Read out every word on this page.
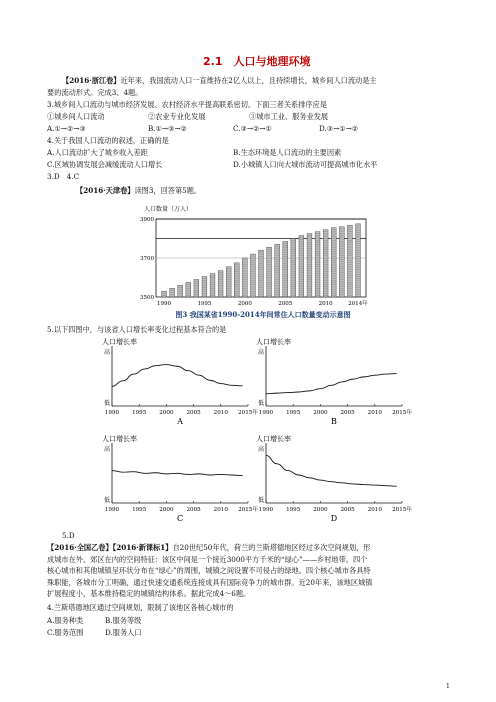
2.1　人口与地理环境
【2016·浙江卷】近年来，我国流动人口一直维持在2亿人以上，且持续增长，城乡间人口流动是主
要的流动形式。完成3、4题。
3.城乡间人口流动与城市经济发展、农村经济水平提高联系密切。下面三者关系排序应是
①城乡间人口流动	②农业专业化发展	③城市工业、服务业发展
A.①→②→③	B.①→③→②	C.③→②→①	D.③→①→②
4.关于我国人口流动的叙述，正确的是
A.人口流动扩大了城乡收入差距	B.生态环境是人口流动的主要因素
C.区域协调发展会减缓流动人口增长	D.小城镇人口向大城市流动可提高城市化水平
3.D　4.C
【2016·天津卷】读图3，回答第5题。
人口数量（万人）
3500
3700
3900
1990	1995	2000	2005	2010	2014年
图3 我国某省1990-2014年间常住人口数量变动示意图
5.以下四图中，与该省人口增长率变化过程基本符合的是
人口增长率
高
低
1990 1995 2000 2005 2010 2015年
A
人口增长率
高
低
1990 1995 2000 2005 2010 2015年
B
人口增长率
高
低
1990 1995 2000 2005 2010 2015年
C
人口增长率
高
低
1990 1995 2000 2005 2010 2015年
D
5.D
【2016·全国乙卷】【2016·新课标1】自20世纪50年代，荷兰的兰斯塔德地区经过多次空间规划，形
成城市在外、郊区在内的空间特征：该区中间是一个接近3000平方千米的“绿心”——乡村地带。四个
核心城市和其他城镇呈环状分布在“绿心”的周围，城镇之间设置不可侵占的绿地。四个核心城市各具特
殊职能，各城市分工明确，通过快速交通系统连接成具有国际竞争力的城市群。近20年来，该地区城镇
扩展程度小，基本维持稳定的城镇结构体系。据此完成4～6题。
4.兰斯塔德地区通过空间规划，限制了该地区各核心城市的
A.服务种类	B.服务等级
C.服务范围	D.服务人口
1
